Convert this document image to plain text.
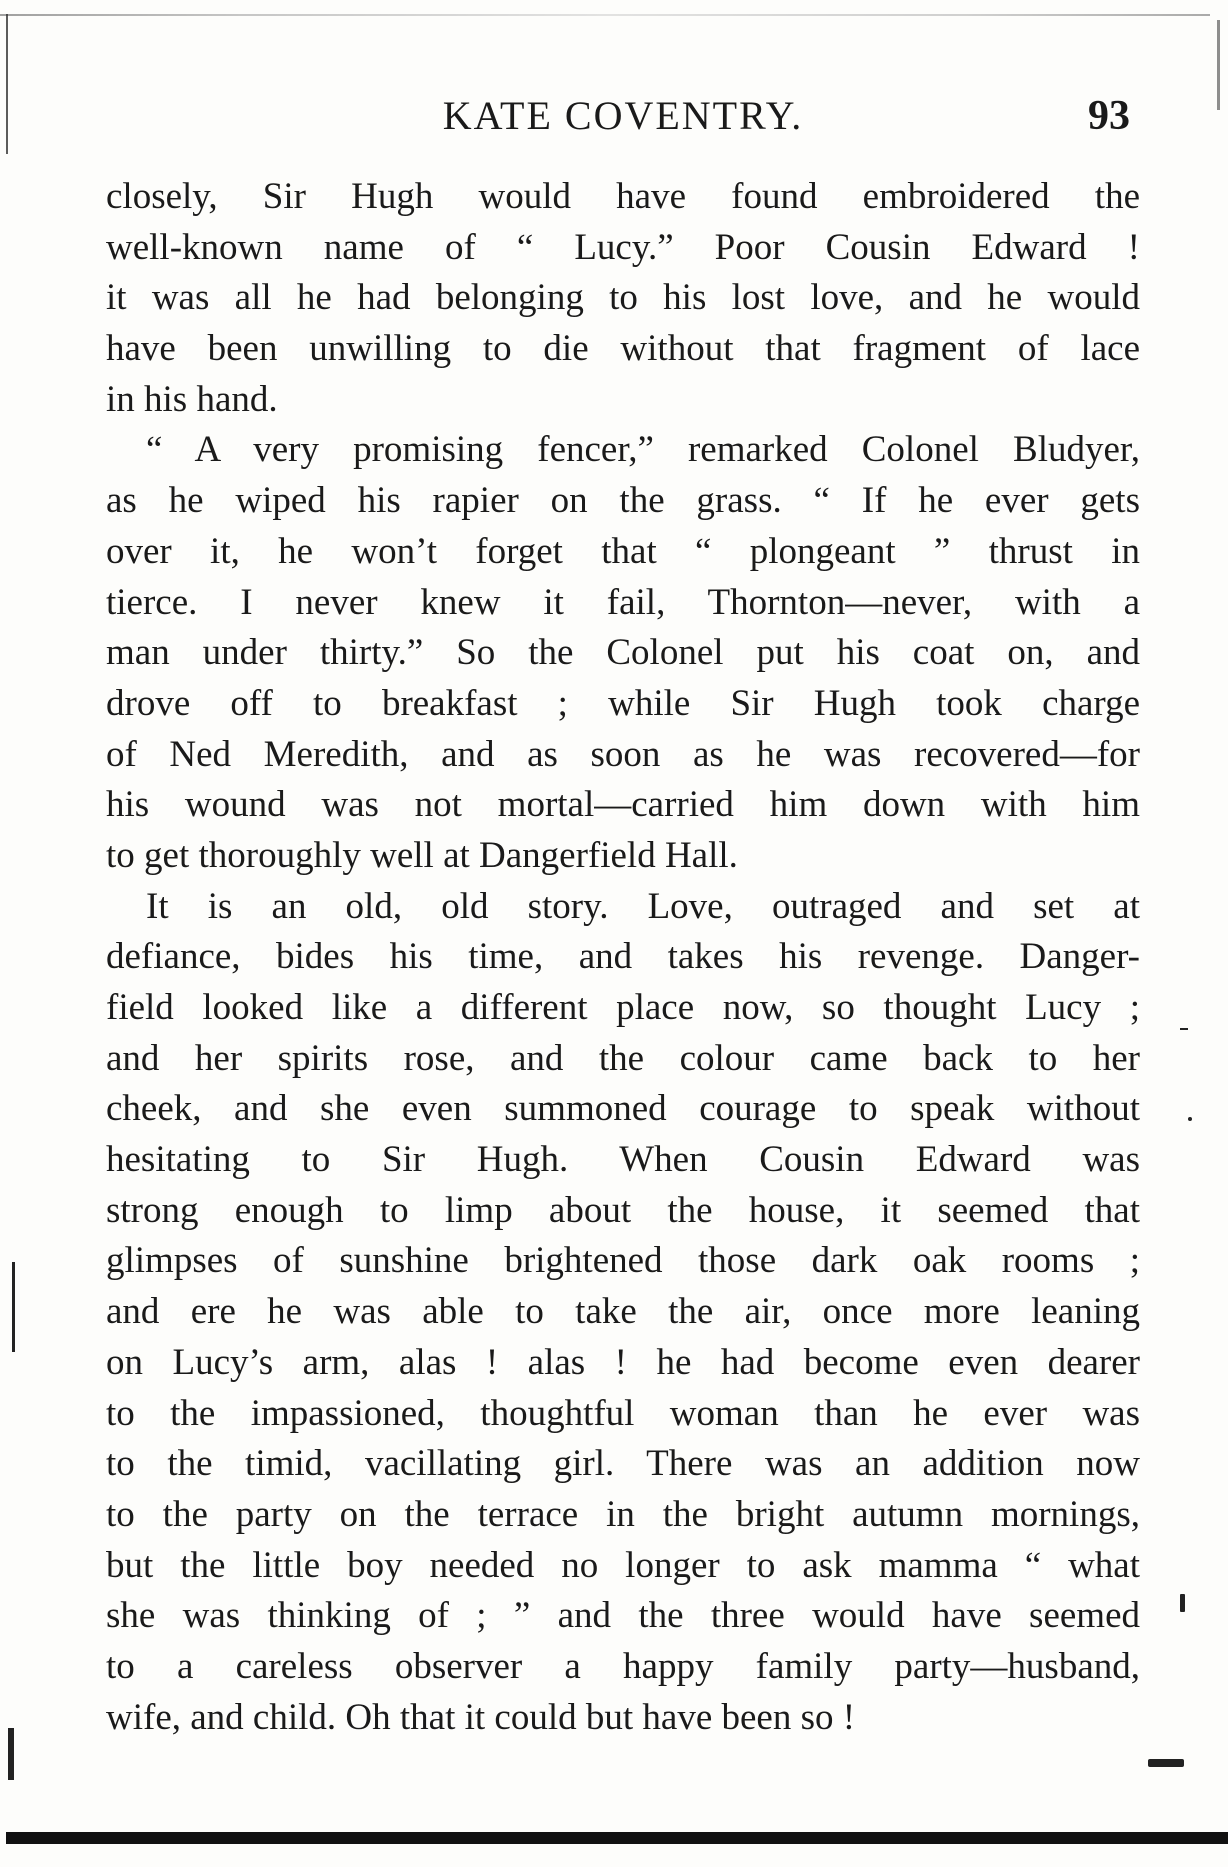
KATE COVENTRY.	93
closely, Sir Hugh would have found embroidered the
well-known name of “ Lucy.” Poor Cousin Edward !
it was all he had belonging to his lost love, and he would
have been unwilling to die without that fragment of lace
in his hand.
“ A very promising fencer,” remarked Colonel Bludyer,
as he wiped his rapier on the grass. “ If he ever gets
over it, he won’t forget that “ plongeant ” thrust in
tierce. I never knew it fail, Thornton—never, with a
man under thirty.” So the Colonel put his coat on, and
drove off to breakfast ; while Sir Hugh took charge
of Ned Meredith, and as soon as he was recovered—for
his wound was not mortal—carried him down with him
to get thoroughly well at Dangerfield Hall.
It is an old, old story. Love, outraged and set at
defiance, bides his time, and takes his revenge. Danger-
field looked like a different place now, so thought Lucy ;
and her spirits rose, and the colour came back to her
cheek, and she even summoned courage to speak without
hesitating to Sir Hugh. When Cousin Edward was
strong enough to limp about the house, it seemed that
glimpses of sunshine brightened those dark oak rooms ;
and ere he was able to take the air, once more leaning
on Lucy’s arm, alas ! alas ! he had become even dearer
to the impassioned, thoughtful woman than he ever was
to the timid, vacillating girl. There was an addition now
to the party on the terrace in the bright autumn mornings,
but the little boy needed no longer to ask mamma “ what
she was thinking of ; ” and the three would have seemed
to a careless observer a happy family party—husband,
wife, and child. Oh that it could but have been so !
